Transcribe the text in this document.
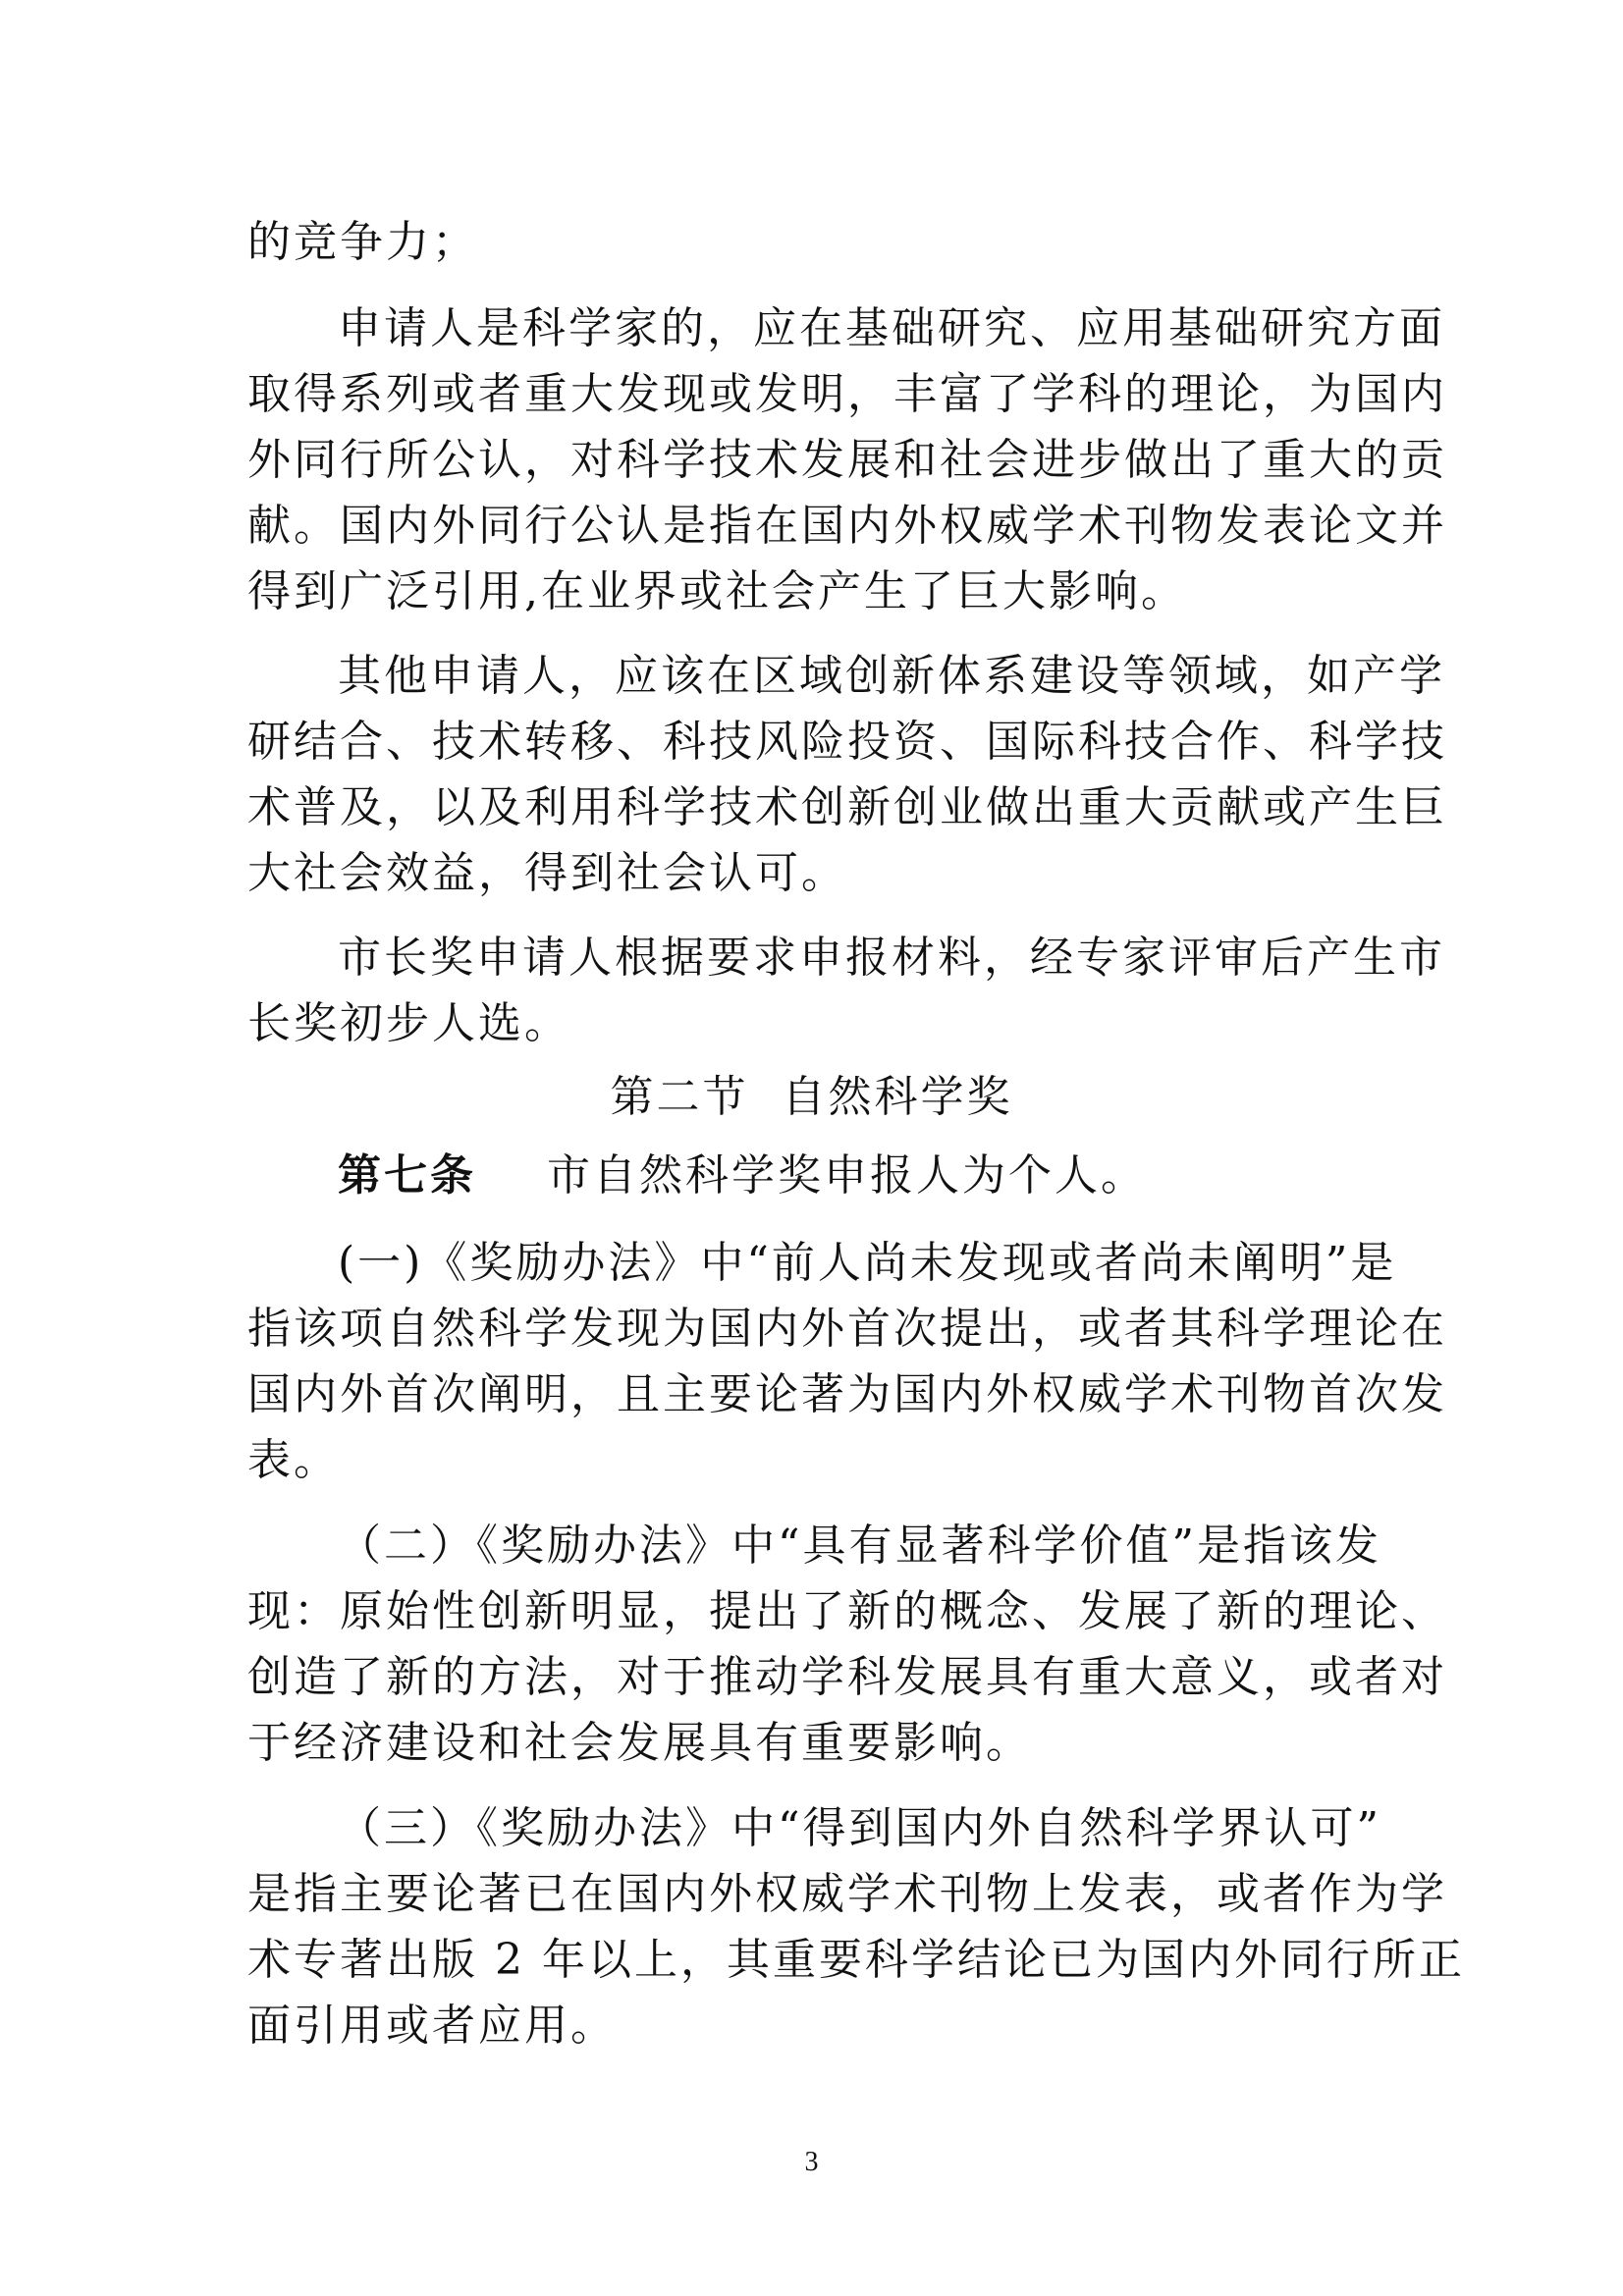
的竞争力；
申请人是科学家的，应在基础研究、应用基础研究方面
取得系列或者重大发现或发明，丰富了学科的理论，为国内
外同行所公认，对科学技术发展和社会进步做出了重大的贡
献。国内外同行公认是指在国内外权威学术刊物发表论文并
得到广泛引用,在业界或社会产生了巨大影响。
其他申请人，应该在区域创新体系建设等领域，如产学
研结合、技术转移、科技风险投资、国际科技合作、科学技
术普及，以及利用科学技术创新创业做出重大贡献或产生巨
大社会效益，得到社会认可。
市长奖申请人根据要求申报材料，经专家评审后产生市
长奖初步人选。
第二节  自然科学奖
第七条 市自然科学奖申报人为个人。
(一)《奖励办法》中“前人尚未发现或者尚未阐明”是
指该项自然科学发现为国内外首次提出，或者其科学理论在
国内外首次阐明，且主要论著为国内外权威学术刊物首次发
表。
（二）《奖励办法》中“具有显著科学价值”是指该发
现：原始性创新明显，提出了新的概念、发展了新的理论、
创造了新的方法，对于推动学科发展具有重大意义，或者对
于经济建设和社会发展具有重要影响。
（三）《奖励办法》中“得到国内外自然科学界认可”
是指主要论著已在国内外权威学术刊物上发表，或者作为学
术专著出版 2 年以上，其重要科学结论已为国内外同行所正
面引用或者应用。
3
